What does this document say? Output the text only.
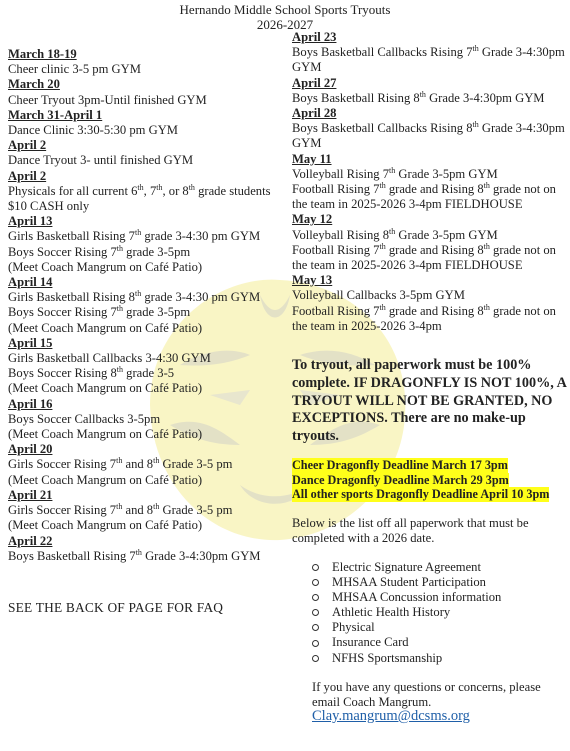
Hernando Middle School Sports Tryouts
2026-2027
March 18-19
Cheer clinic 3-5 pm GYM
March 20
Cheer Tryout 3pm-Until finished GYM
March 31-April 1
Dance Clinic 3:30-5:30 pm GYM
April 2
Dance Tryout 3- until finished GYM
April 2
Physicals for all current 6th, 7th, or 8th grade students
$10 CASH only
April 13
Girls Basketball Rising 7th grade 3-4:30 pm GYM
Boys Soccer Rising 7th grade 3-5pm
(Meet Coach Mangrum on Café Patio)
April 14
Girls Basketball Rising 8th grade 3-4:30 pm GYM
Boys Soccer Rising 7th grade 3-5pm
(Meet Coach Mangrum on Café Patio)
April 15
Girls Basketball Callbacks 3-4:30 GYM
Boys Soccer Rising 8th grade 3-5
(Meet Coach Mangrum on Café Patio)
April 16
Boys Soccer Callbacks 3-5pm
(Meet Coach Mangrum on Café Patio)
April 20
Girls Soccer Rising 7th and 8th Grade 3-5 pm
(Meet Coach Mangrum on Café Patio)
April 21
Girls Soccer Rising 7th and 8th Grade 3-5 pm
(Meet Coach Mangrum on Café Patio)
April 22
Boys Basketball Rising 7th Grade 3-4:30pm GYM
April 23
Boys Basketball Callbacks Rising 7th Grade 3-4:30pm GYM
April 27
Boys Basketball Rising 8th Grade 3-4:30pm GYM
April 28
Boys Basketball Callbacks Rising 8th Grade 3-4:30pm GYM
May 11
Volleyball Rising 7th Grade 3-5pm GYM
Football Rising 7th grade and Rising 8th grade not on the team in 2025-2026 3-4pm FIELDHOUSE
May 12
Volleyball Rising 8th Grade 3-5pm GYM
Football Rising 7th grade and Rising 8th grade not on the team in 2025-2026 3-4pm FIELDHOUSE
May 13
Volleyball Callbacks 3-5pm GYM
Football Rising 7th grade and Rising 8th grade not on the team in 2025-2026 3-4pm
SEE THE BACK OF PAGE FOR FAQ
To tryout, all paperwork must be 100% complete. IF DRAGONFLY IS NOT 100%, A TRYOUT WILL NOT BE GRANTED, NO EXCEPTIONS. There are no make-up tryouts.
Cheer Dragonfly Deadline March 17 3pm
Dance Dragonfly Deadline March 29 3pm
All other sports Dragonfly Deadline April 10 3pm
Below is the list off all paperwork that must be completed with a 2026 date.
Electric Signature Agreement
MHSAA Student Participation
MHSAA Concussion information
Athletic Health History
Physical
Insurance Card
NFHS Sportsmanship
If you have any questions or concerns, please email Coach Mangrum.
Clay.mangrum@dcsms.org
